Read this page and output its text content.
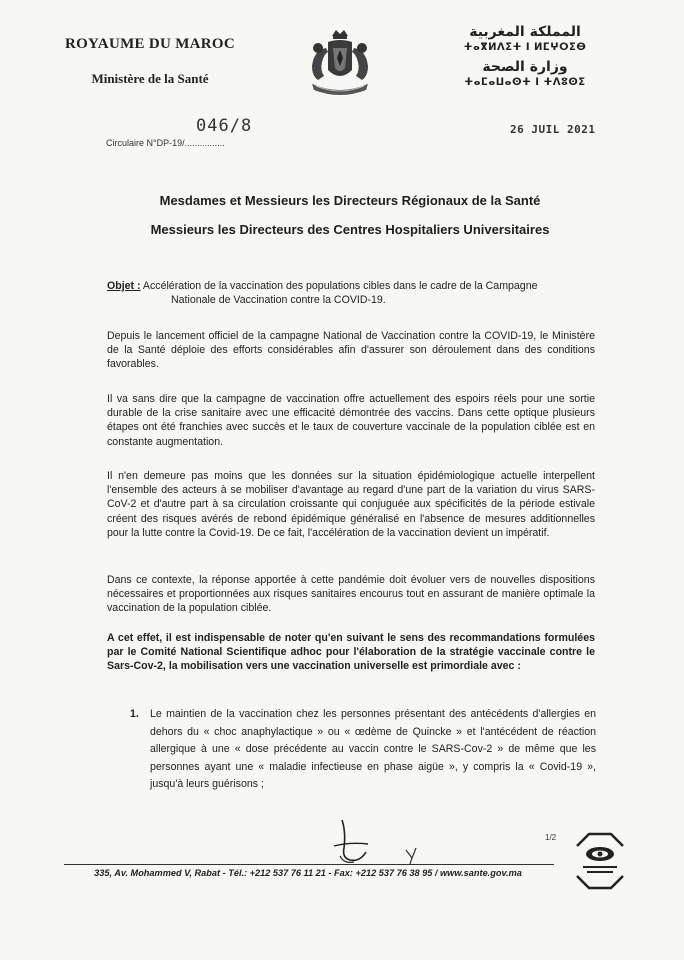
ROYAUME DU MAROC
Ministère de la Santé
المملكة المغربية
ⵜⴰⴳⵍⴷⵉⵜ ⵏ ⵍⵎⵖⵔⵉⴱ
وزارة الصحة
ⵜⴰⵎⴰⵡⴰⵙⵜ ⵏ ⵜⴷⵓⵙⵉ
046/8
Circulaire N°DP-19/................
26 JUIL 2021
Mesdames et Messieurs les Directeurs Régionaux de la Santé
Messieurs les Directeurs des Centres Hospitaliers Universitaires
Objet : Accélération de la vaccination des populations cibles dans le cadre de la Campagne
Nationale de Vaccination contre la COVID-19.

Depuis le lancement officiel de la campagne National de Vaccination contre la COVID-19, le Ministère de la Santé déploie des efforts considérables afin d'assurer son déroulement dans des conditions favorables.

Il va sans dire que la campagne de vaccination offre actuellement des espoirs réels pour une sortie durable de la crise sanitaire avec une efficacité démontrée des vaccins. Dans cette optique plusieurs étapes ont été franchies avec succès et le taux de couverture vaccinale de la population ciblée est en constante augmentation.

Il n'en demeure pas moins que les données sur la situation épidémiologique actuelle interpellent l'ensemble des acteurs à se mobiliser d'avantage au regard d'une part de la variation du virus SARS-CoV-2 et d'autre part à sa circulation croissante qui conjuguée aux spécificités de la période estivale créent des risques avérés de rebond épidémique généralisé en l'absence de mesures additionnelles pour la lutte contre la Covid-19. De ce fait, l'accélération de la vaccination devient un impératif.

Dans ce contexte, la réponse apportée à cette pandémie doit évoluer vers de nouvelles dispositions nécessaires et proportionnées aux risques sanitaires encourus tout en assurant de manière optimale la vaccination de la population ciblée.

A cet effet, il est indispensable de noter qu'en suivant le sens des recommandations formulées par le Comité National Scientifique adhoc pour l'élaboration de la stratégie vaccinale contre le Sars-Cov-2, la mobilisation vers une vaccination universelle est primordiale avec :

1. Le maintien de la vaccination chez les personnes présentant des antécédents d'allergies en dehors du « choc anaphylactique » ou « œdème de Quincke » et l'antécédent de réaction allergique à une « dose précédente au vaccin contre le SARS-Cov-2 » de même que les personnes ayant une « maladie infectieuse en phase aigüe », y compris la « Covid-19 », jusqu'à leurs guérisons ;
1/2
335, Av. Mohammed V, Rabat - Tél.: +212 537 76 11 21 - Fax: +212 537 76 38 95 / www.sante.gov.ma
